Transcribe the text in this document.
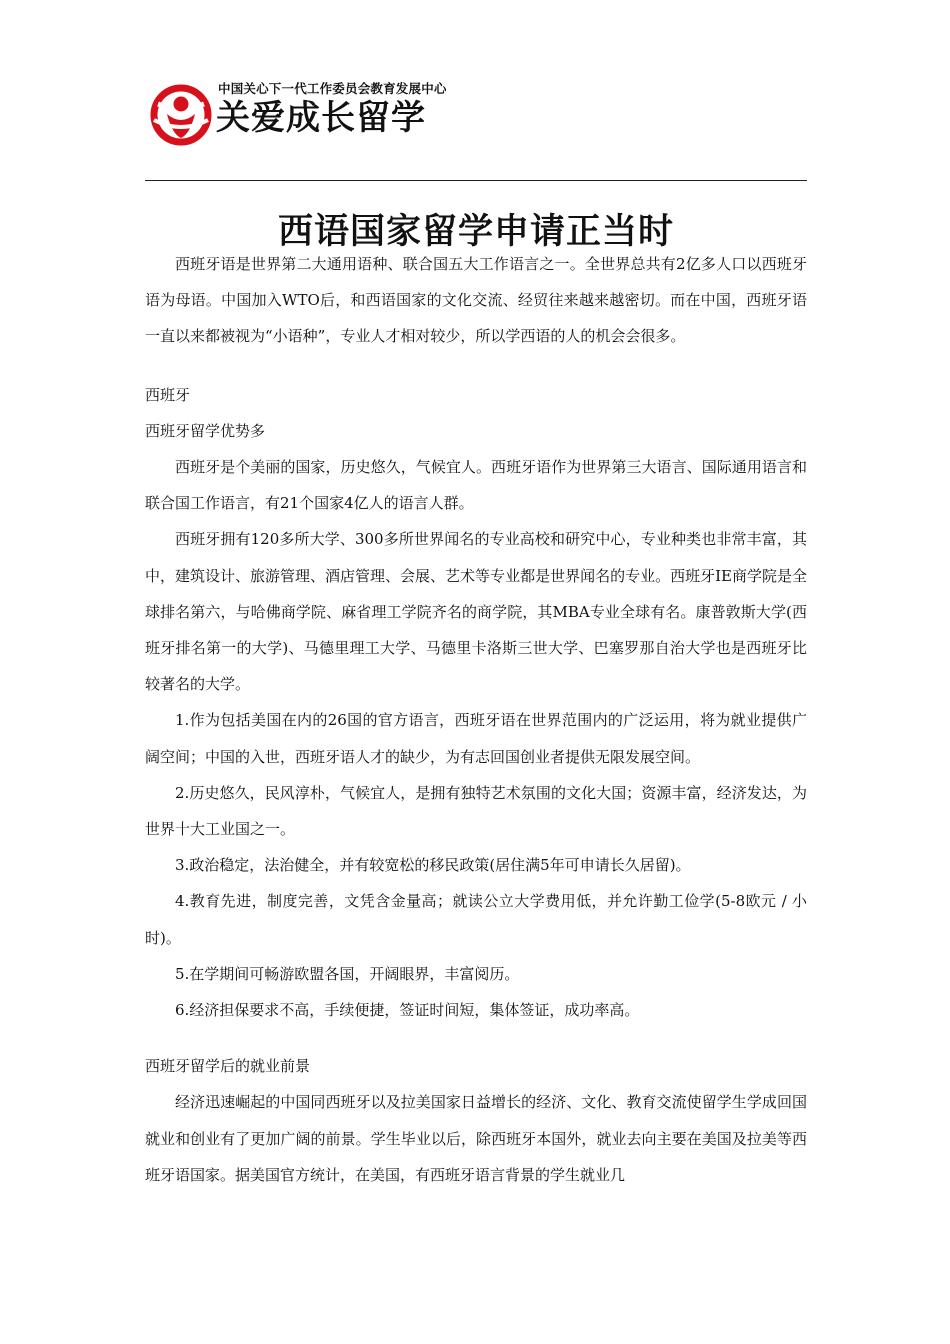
中国关心下一代工作委员会教育发展中心
关爱成长留学
西语国家留学申请正当时

西班牙语是世界第二大通用语种、联合国五大工作语言之一。全世界总共有2亿多人口以西班牙语为母语。中国加入WTO后，和西语国家的文化交流、经贸往来越来越密切。而在中国，西班牙语一直以来都被视为“小语种”，专业人才相对较少，所以学西语的人的机会会很多。

西班牙

西班牙留学优势多

西班牙是个美丽的国家，历史悠久，气候宜人。西班牙语作为世界第三大语言、国际通用语言和联合国工作语言，有21个国家4亿人的语言人群。

西班牙拥有120多所大学、300多所世界闻名的专业高校和研究中心，专业种类也非常丰富，其中，建筑设计、旅游管理、酒店管理、会展、艺术等专业都是世界闻名的专业。西班牙IE商学院是全球排名第六，与哈佛商学院、麻省理工学院齐名的商学院，其MBA专业全球有名。康普敦斯大学(西班牙排名第一的大学)、马德里理工大学、马德里卡洛斯三世大学、巴塞罗那自治大学也是西班牙比较著名的大学。

1.作为包括美国在内的26国的官方语言，西班牙语在世界范围内的广泛运用，将为就业提供广阔空间；中国的入世，西班牙语人才的缺少，为有志回国创业者提供无限发展空间。

2.历史悠久，民风淳朴，气候宜人，是拥有独特艺术氛围的文化大国；资源丰富，经济发达，为世界十大工业国之一。

3.政治稳定，法治健全，并有较宽松的移民政策(居住满5年可申请长久居留)。

4.教育先进，制度完善，文凭含金量高；就读公立大学费用低，并允许勤工俭学(5-8欧元 / 小时)。

5.在学期间可畅游欧盟各国，开阔眼界，丰富阅历。

6.经济担保要求不高，手续便捷，签证时间短，集体签证，成功率高。

西班牙留学后的就业前景

经济迅速崛起的中国同西班牙以及拉美国家日益增长的经济、文化、教育交流使留学生学成回国就业和创业有了更加广阔的前景。学生毕业以后，除西班牙本国外，就业去向主要在美国及拉美等西班牙语国家。据美国官方统计，在美国，有西班牙语言背景的学生就业几
